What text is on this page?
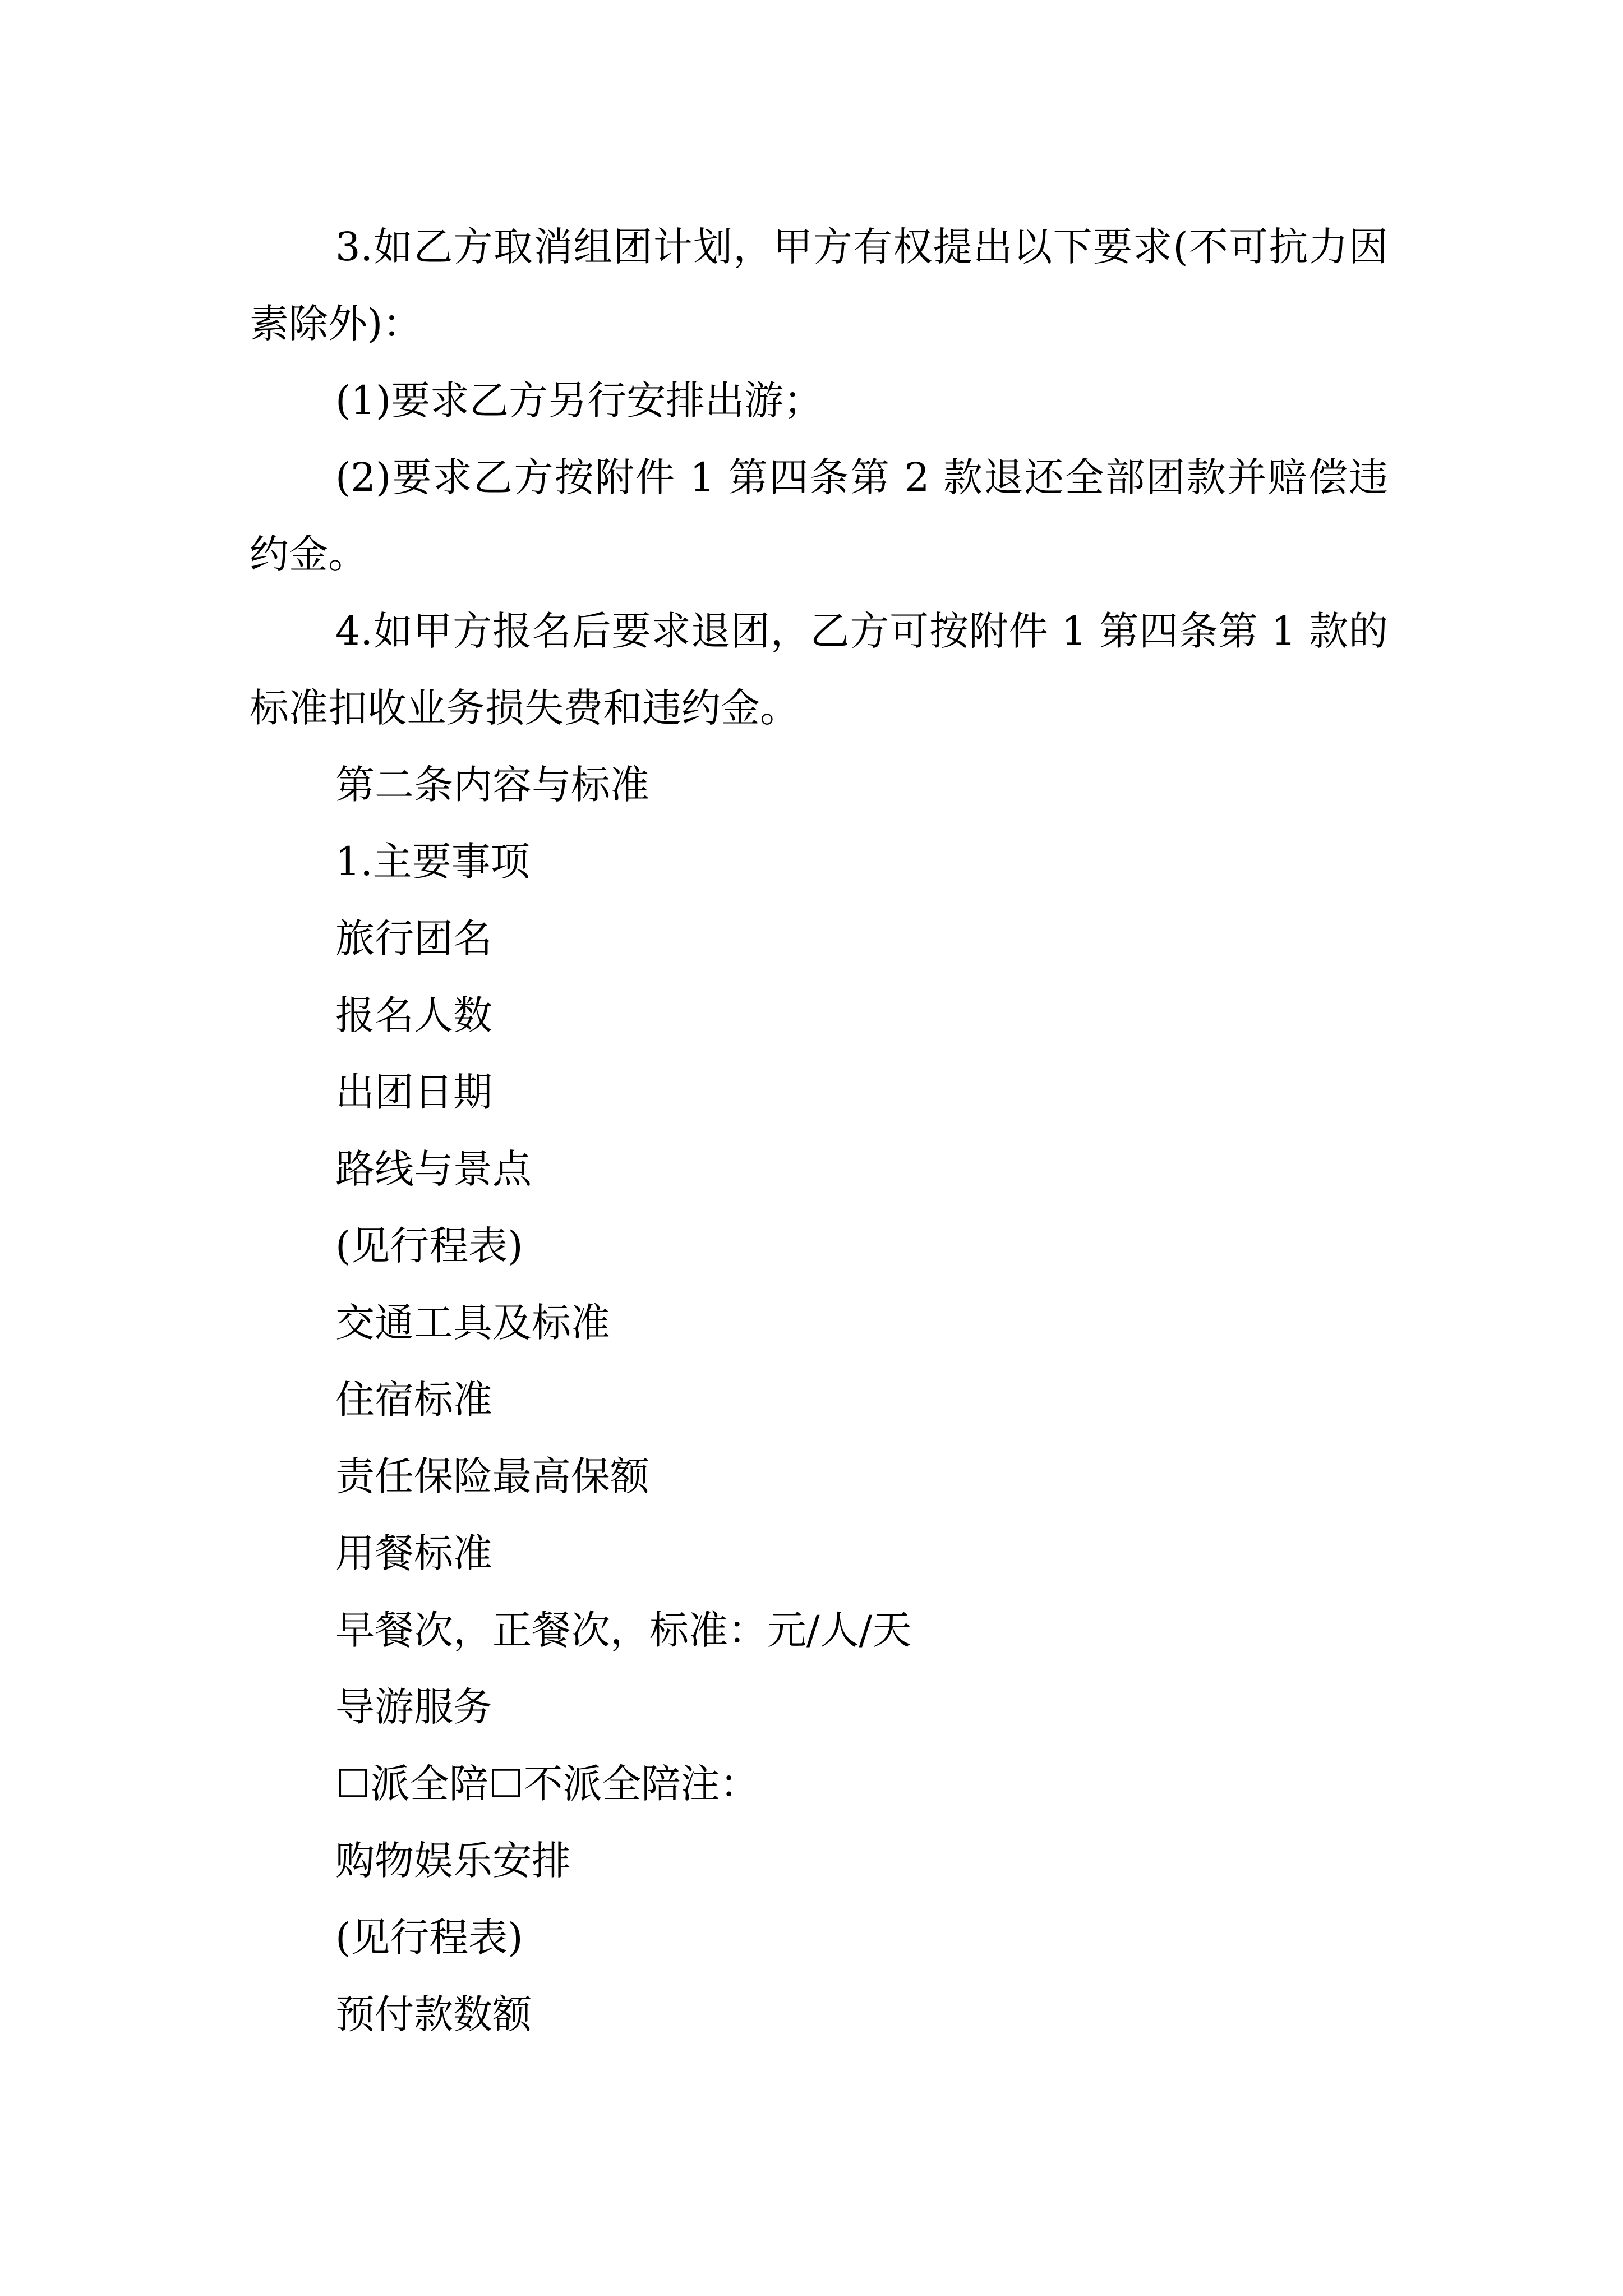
3.如乙方取消组团计划，甲方有权提出以下要求(不可抗力因素除外)：

(1)要求乙方另行安排出游；

(2)要求乙方按附件 1 第四条第 2 款退还全部团款并赔偿违约金。

4.如甲方报名后要求退团，乙方可按附件 1 第四条第 1 款的标准扣收业务损失费和违约金。

第二条内容与标准

1.主要事项

旅行团名

报名人数

出团日期

路线与景点

(见行程表)

交通工具及标准

住宿标准

责任保险最高保额

用餐标准

早餐次，正餐次，标准：元/人/天

导游服务

☐派全陪☐不派全陪注：

购物娱乐安排

(见行程表)

预付款数额
